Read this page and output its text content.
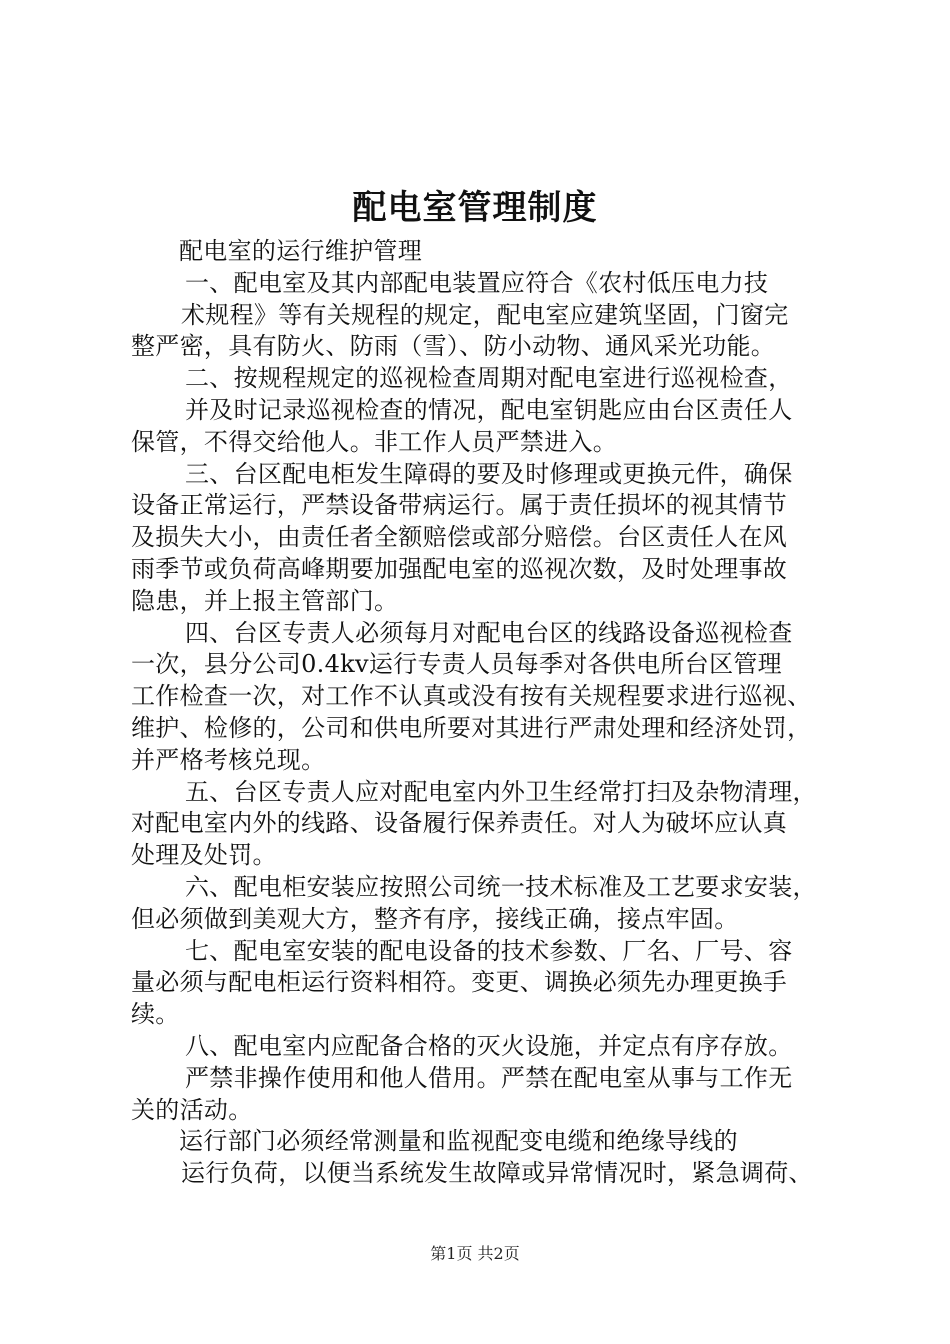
配电室管理制度
配电室的运行维护管理
一、配电室及其内部配电装置应符合《农村低压电力技
术规程》等有关规程的规定，配电室应建筑坚固，门窗完
整严密，具有防火、防雨（雪）、防小动物、通风采光功能。
二、按规程规定的巡视检查周期对配电室进行巡视检查，
并及时记录巡视检查的情况，配电室钥匙应由台区责任人
保管，不得交给他人。非工作人员严禁进入。
三、台区配电柜发生障碍的要及时修理或更换元件，确保
设备正常运行，严禁设备带病运行。属于责任损坏的视其情节
及损失大小，由责任者全额赔偿或部分赔偿。台区责任人在风
雨季节或负荷高峰期要加强配电室的巡视次数，及时处理事故
隐患，并上报主管部门。
四、台区专责人必须每月对配电台区的线路设备巡视检查
一次，县分公司0.4kv运行专责人员每季对各供电所台区管理
工作检查一次，对工作不认真或没有按有关规程要求进行巡视、
维护、检修的，公司和供电所要对其进行严肃处理和经济处罚，
并严格考核兑现。
五、台区专责人应对配电室内外卫生经常打扫及杂物清理，
对配电室内外的线路、设备履行保养责任。对人为破坏应认真
处理及处罚。
六、配电柜安装应按照公司统一技术标准及工艺要求安装，
但必须做到美观大方，整齐有序，接线正确，接点牢固。
七、配电室安装的配电设备的技术参数、厂名、厂号、容
量必须与配电柜运行资料相符。变更、调换必须先办理更换手
续。
八、配电室内应配备合格的灭火设施，并定点有序存放。
严禁非操作使用和他人借用。严禁在配电室从事与工作无
关的活动。
运行部门必须经常测量和监视配变电缆和绝缘导线的
运行负荷，以便当系统发生故障或异常情况时，紧急调荷、
第1页 共2页
